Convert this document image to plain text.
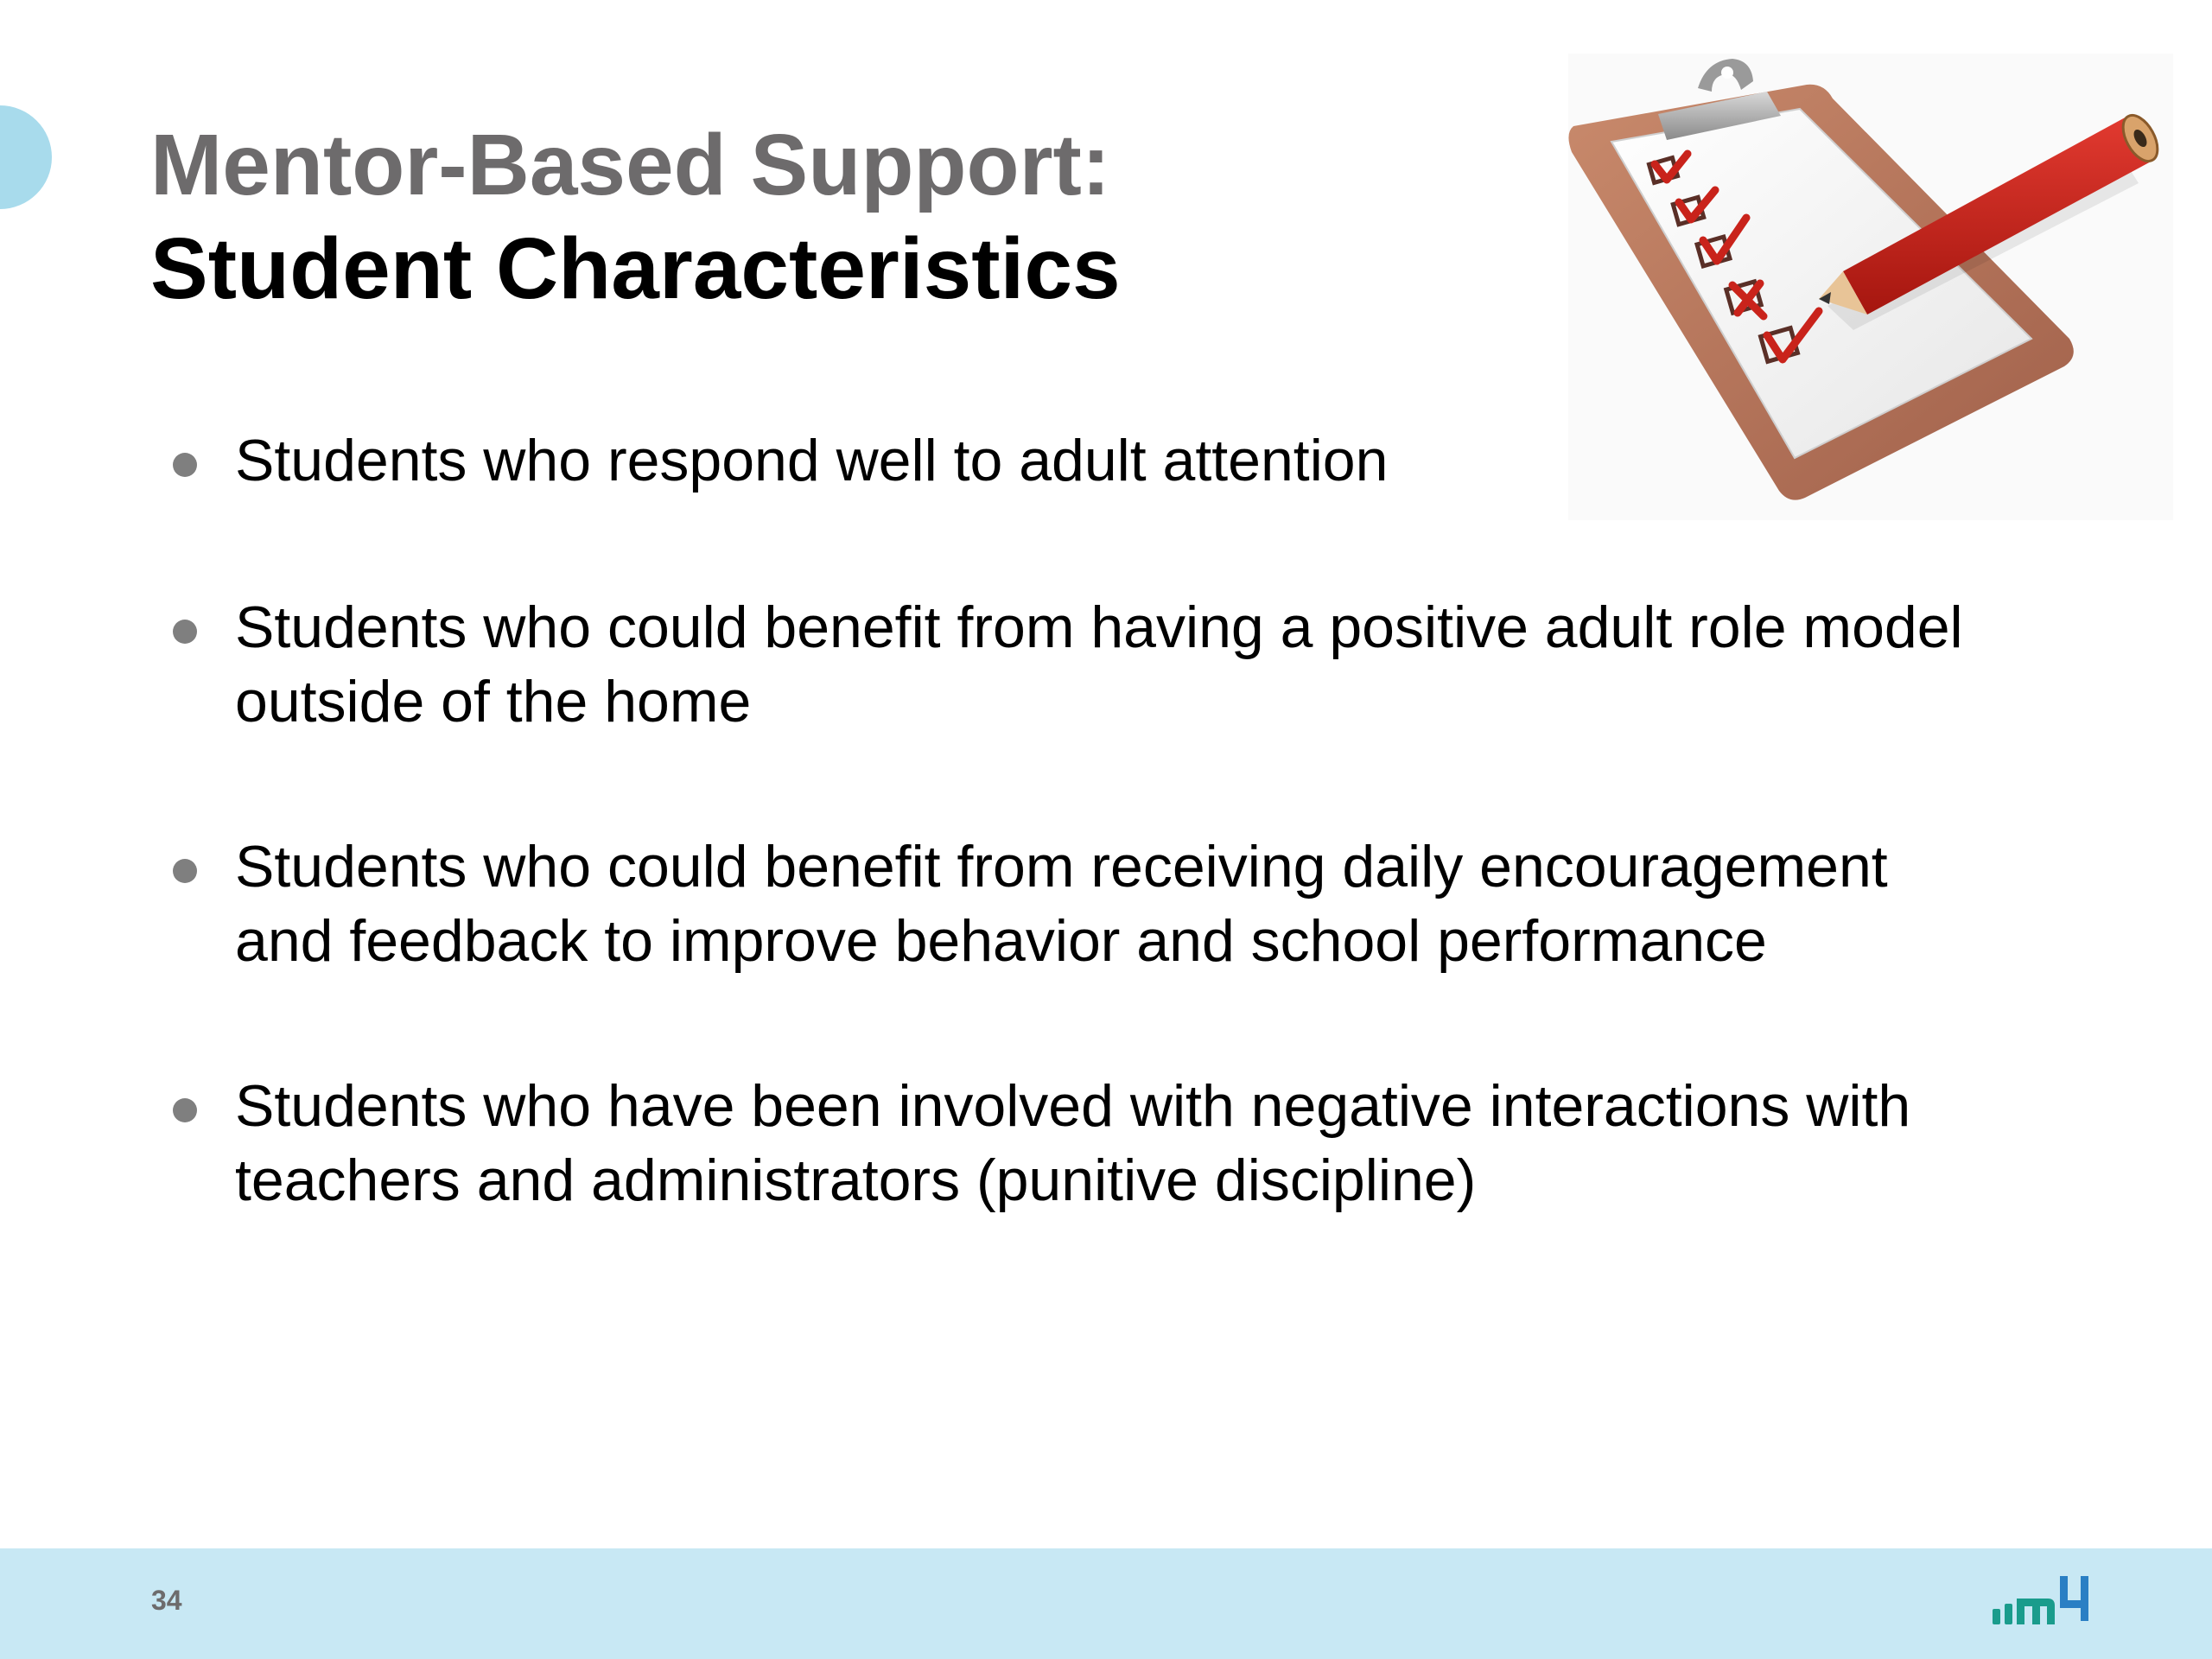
Mentor-Based Support:
Student Characteristics
Students who respond well to adult attention
Students who could benefit from having a positive adult role model
outside of the home
Students who could benefit from receiving daily encouragement
and feedback to improve behavior and school performance
Students who have been involved with negative interactions with
teachers and administrators (punitive discipline)
34
